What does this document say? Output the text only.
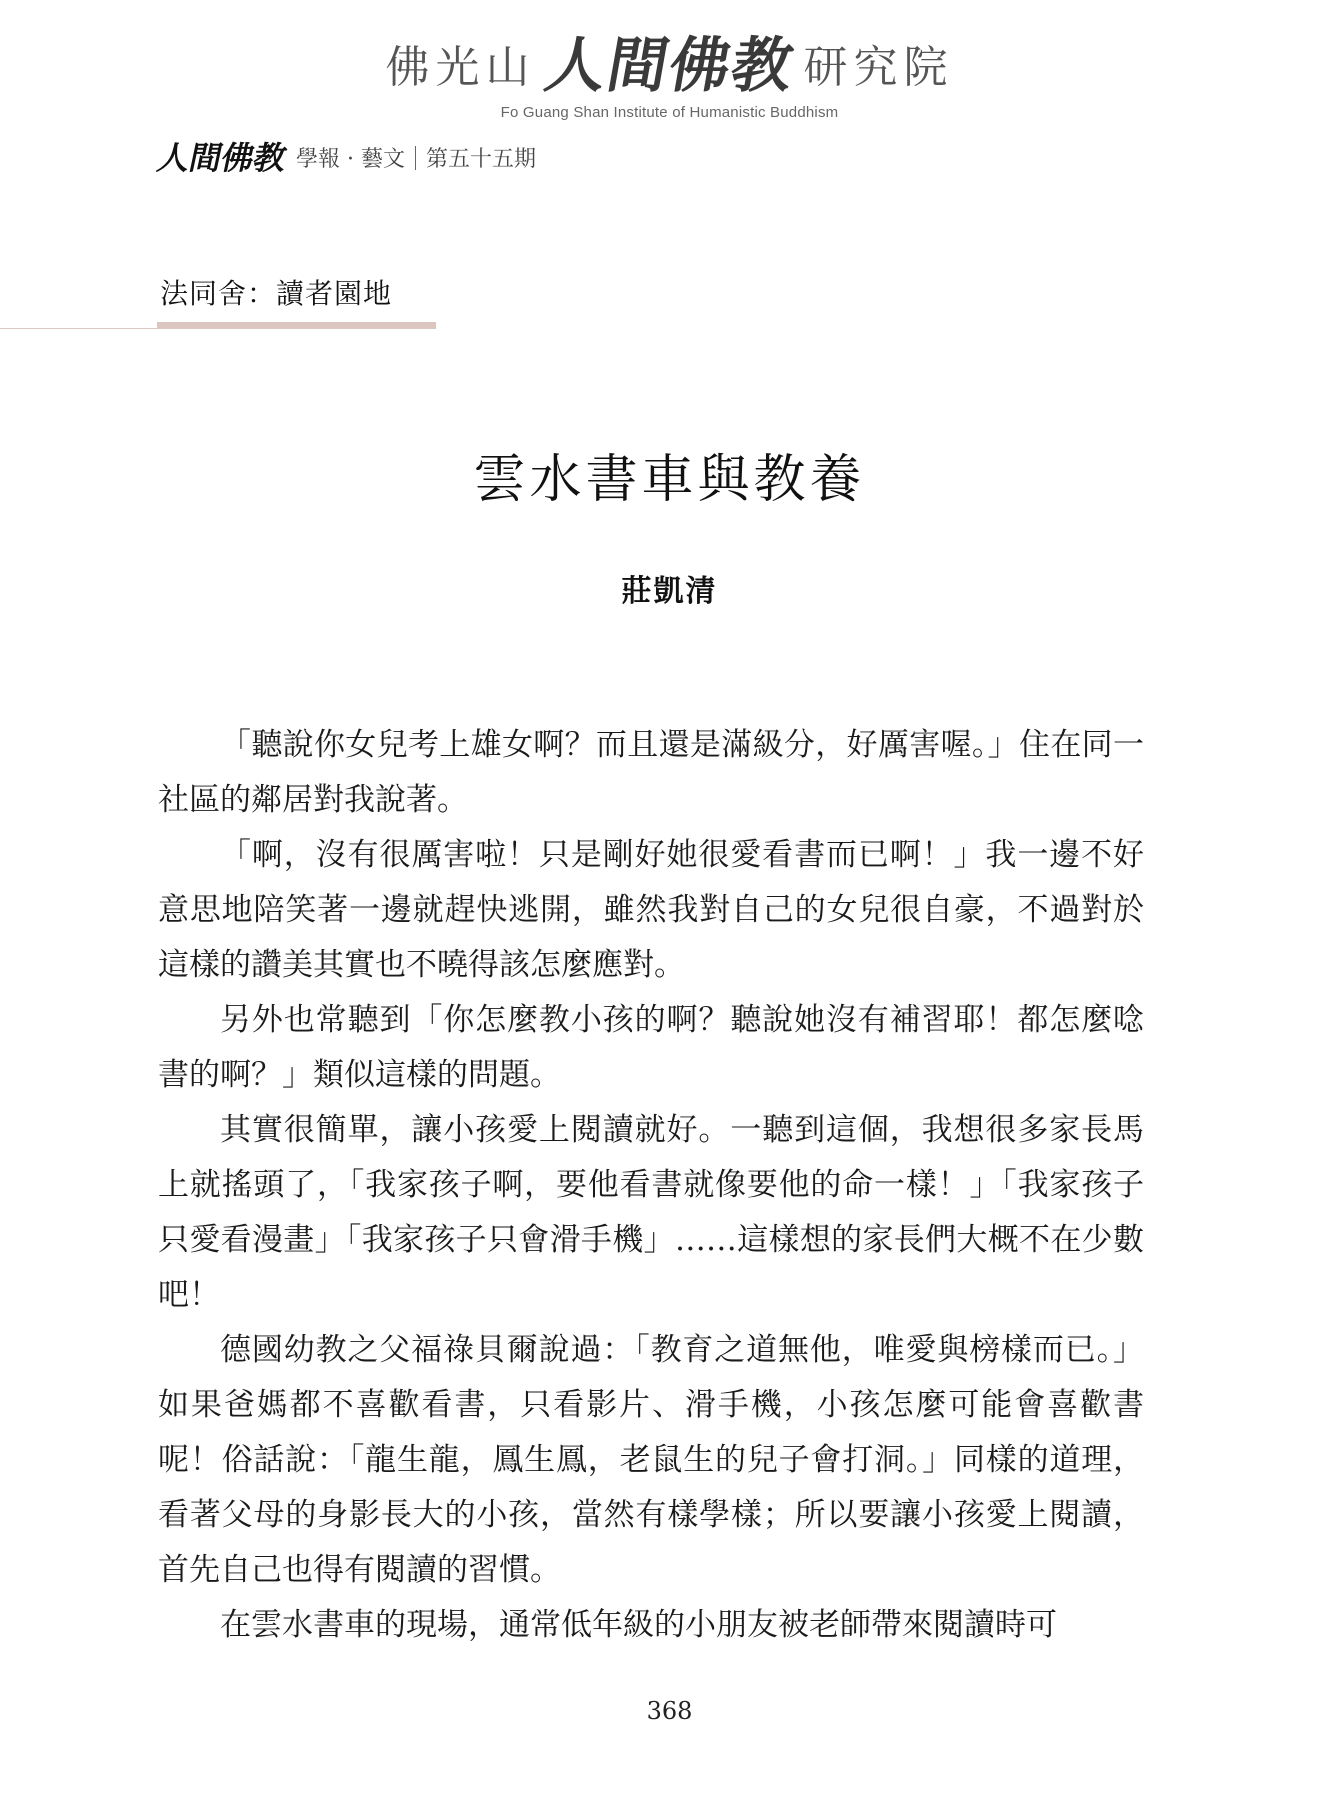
佛光山人間佛教研究院
Fo Guang Shan Institute of Humanistic Buddhism
人間佛教 學報 · 藝文 第五十五期
法同舍：讀者園地
雲水書車與教養
莊凱清

「聽說你女兒考上雄女啊？而且還是滿級分，好厲害喔。」住在同一社區的鄰居對我說著。

「啊，沒有很厲害啦！只是剛好她很愛看書而已啊！」我一邊不好意思地陪笑著一邊就趕快逃開，雖然我對自己的女兒很自豪，不過對於這樣的讚美其實也不曉得該怎麼應對。

另外也常聽到「你怎麼教小孩的啊？聽說她沒有補習耶！都怎麼唸書的啊？」類似這樣的問題。

其實很簡單，讓小孩愛上閱讀就好。一聽到這個，我想很多家長馬上就搖頭了，「我家孩子啊，要他看書就像要他的命一樣！」「我家孩子只愛看漫畫」「我家孩子只會滑手機」……這樣想的家長們大概不在少數吧！

德國幼教之父福祿貝爾說過：「教育之道無他，唯愛與榜樣而已。」如果爸媽都不喜歡看書，只看影片、滑手機，小孩怎麼可能會喜歡書呢！俗話說：「龍生龍，鳳生鳳，老鼠生的兒子會打洞。」同樣的道理，看著父母的身影長大的小孩，當然有樣學樣；所以要讓小孩愛上閱讀，首先自己也得有閱讀的習慣。

在雲水書車的現場，通常低年級的小朋友被老師帶來閱讀時可

368
